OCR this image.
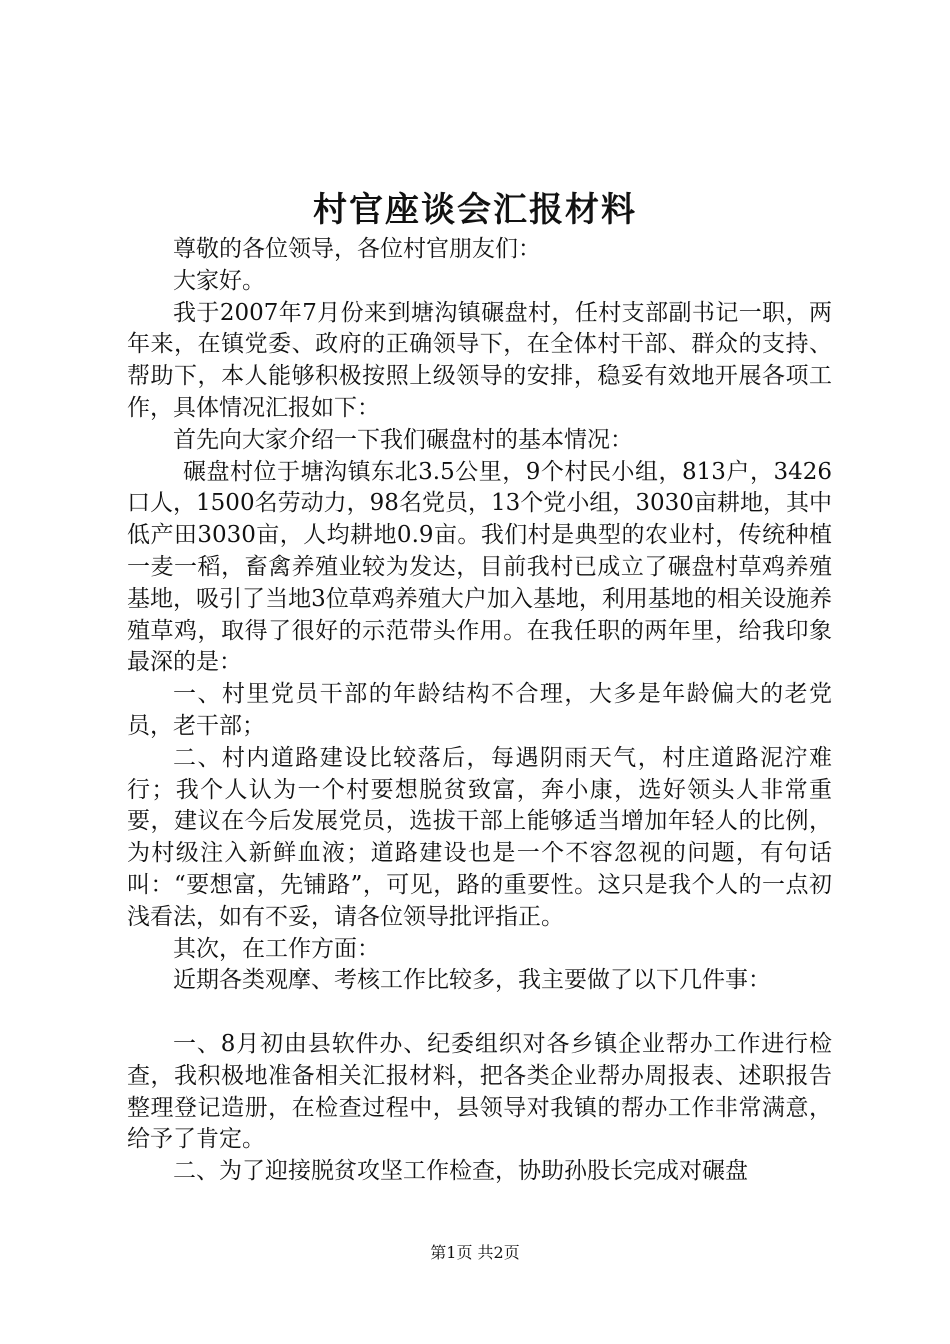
村官座谈会汇报材料

尊敬的各位领导，各位村官朋友们：

大家好。

我于2007年7月份来到塘沟镇碾盘村，任村支部副书记一职，两年来，在镇党委、政府的正确领导下，在全体村干部、群众的支持、帮助下，本人能够积极按照上级领导的安排，稳妥有效地开展各项工作，具体情况汇报如下：

首先向大家介绍一下我们碾盘村的基本情况：

碾盘村位于塘沟镇东北3.5公里，9个村民小组，813户，3426口人，1500名劳动力，98名党员，13个党小组，3030亩耕地，其中低产田3030亩，人均耕地0.9亩。我们村是典型的农业村，传统种植一麦一稻，畜禽养殖业较为发达，目前我村已成立了碾盘村草鸡养殖基地，吸引了当地3位草鸡养殖大户加入基地，利用基地的相关设施养殖草鸡，取得了很好的示范带头作用。在我任职的两年里，给我印象最深的是：

一、村里党员干部的年龄结构不合理，大多是年龄偏大的老党员，老干部；

二、村内道路建设比较落后，每遇阴雨天气，村庄道路泥泞难行；我个人认为一个村要想脱贫致富，奔小康，选好领头人非常重要，建议在今后发展党员，选拔干部上能够适当增加年轻人的比例，为村级注入新鲜血液；道路建设也是一个不容忽视的问题，有句话叫：“要想富，先铺路”，可见，路的重要性。这只是我个人的一点初浅看法，如有不妥，请各位领导批评指正。

其次，在工作方面：

近期各类观摩、考核工作比较多，我主要做了以下几件事：

一、8月初由县软件办、纪委组织对各乡镇企业帮办工作进行检查，我积极地准备相关汇报材料，把各类企业帮办周报表、述职报告整理登记造册，在检查过程中，县领导对我镇的帮办工作非常满意，给予了肯定。

二、为了迎接脱贫攻坚工作检查，协助孙股长完成对碾盘

第1页 共2页
